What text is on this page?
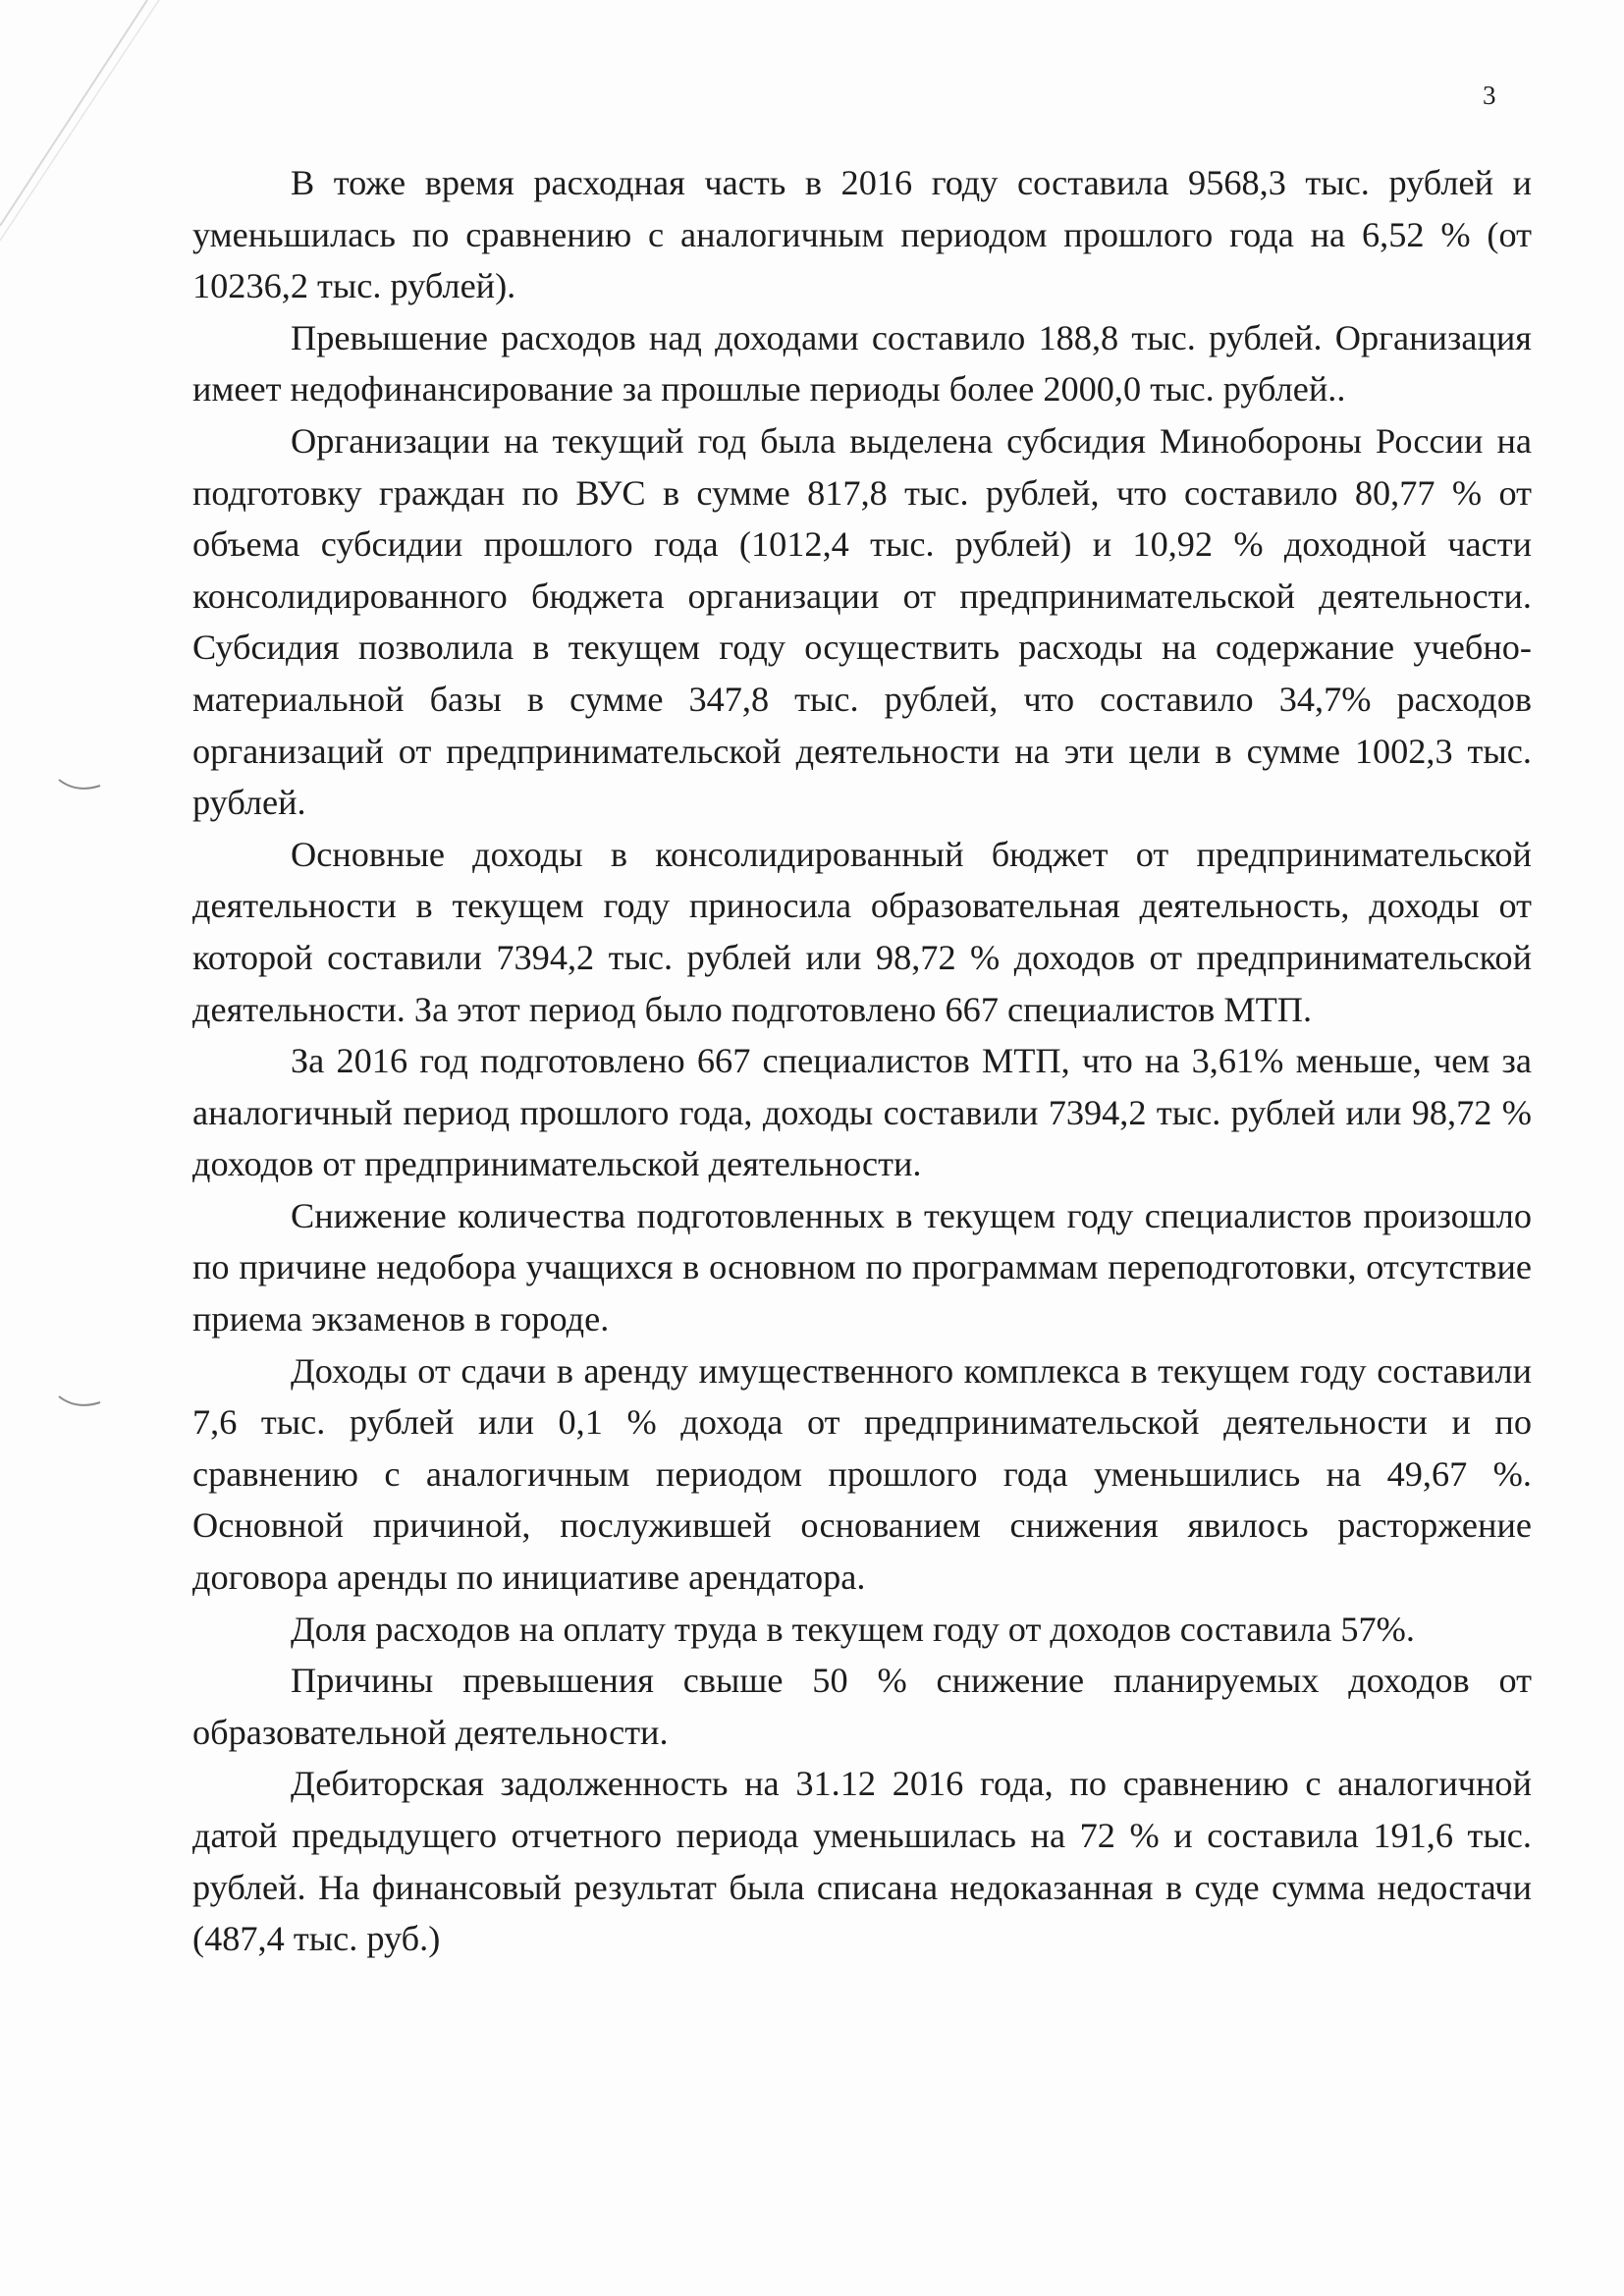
3

В тоже время расходная часть в 2016 году составила 9568,3 тыс. рублей и уменьшилась по сравнению с аналогичным периодом прошлого года на 6,52 % (от 10236,2 тыс. рублей).

Превышение расходов над доходами составило 188,8 тыс. рублей. Организация имеет недофинансирование за прошлые периоды более 2000,0 тыс. рублей..

Организации на текущий год была выделена субсидия Минобороны России на подготовку граждан по ВУС в сумме 817,8 тыс. рублей, что составило 80,77 % от объема субсидии прошлого года (1012,4 тыс. рублей) и 10,92 % доходной части консолидированного бюджета организации от предпринимательской деятельности. Субсидия позволила в текущем году осуществить расходы на содержание учебно-материальной базы в сумме 347,8 тыс. рублей, что составило 34,7% расходов организаций от предпринимательской деятельности на эти цели в сумме 1002,3 тыс. рублей.

Основные доходы в консолидированный бюджет от предпринимательской деятельности в текущем году приносила образовательная деятельность, доходы от которой составили 7394,2 тыс. рублей или 98,72 % доходов от предпринимательской деятельности. За этот период было подготовлено 667 специалистов МТП.

За 2016 год подготовлено 667 специалистов МТП, что на 3,61% меньше, чем за аналогичный период прошлого года, доходы составили 7394,2 тыс. рублей или 98,72 % доходов от предпринимательской деятельности.

Снижение количества подготовленных в текущем году специалистов произошло по причине недобора учащихся в основном по программам переподготовки, отсутствие приема экзаменов в городе.

Доходы от сдачи в аренду имущественного комплекса в текущем году составили 7,6 тыс. рублей или 0,1 % дохода от предпринимательской деятельности и по сравнению с аналогичным периодом прошлого года уменьшились на 49,67 %. Основной причиной, послужившей основанием снижения явилось расторжение договора аренды по инициативе арендатора.

Доля расходов на оплату труда в текущем году от доходов составила 57%.

Причины превышения свыше 50 % снижение планируемых доходов от образовательной деятельности.

Дебиторская задолженность на 31.12 2016 года, по сравнению с аналогичной датой предыдущего отчетного периода уменьшилась на 72 % и составила 191,6 тыс. рублей. На финансовый результат была списана недоказанная в суде сумма недостачи (487,4 тыс. руб.)
